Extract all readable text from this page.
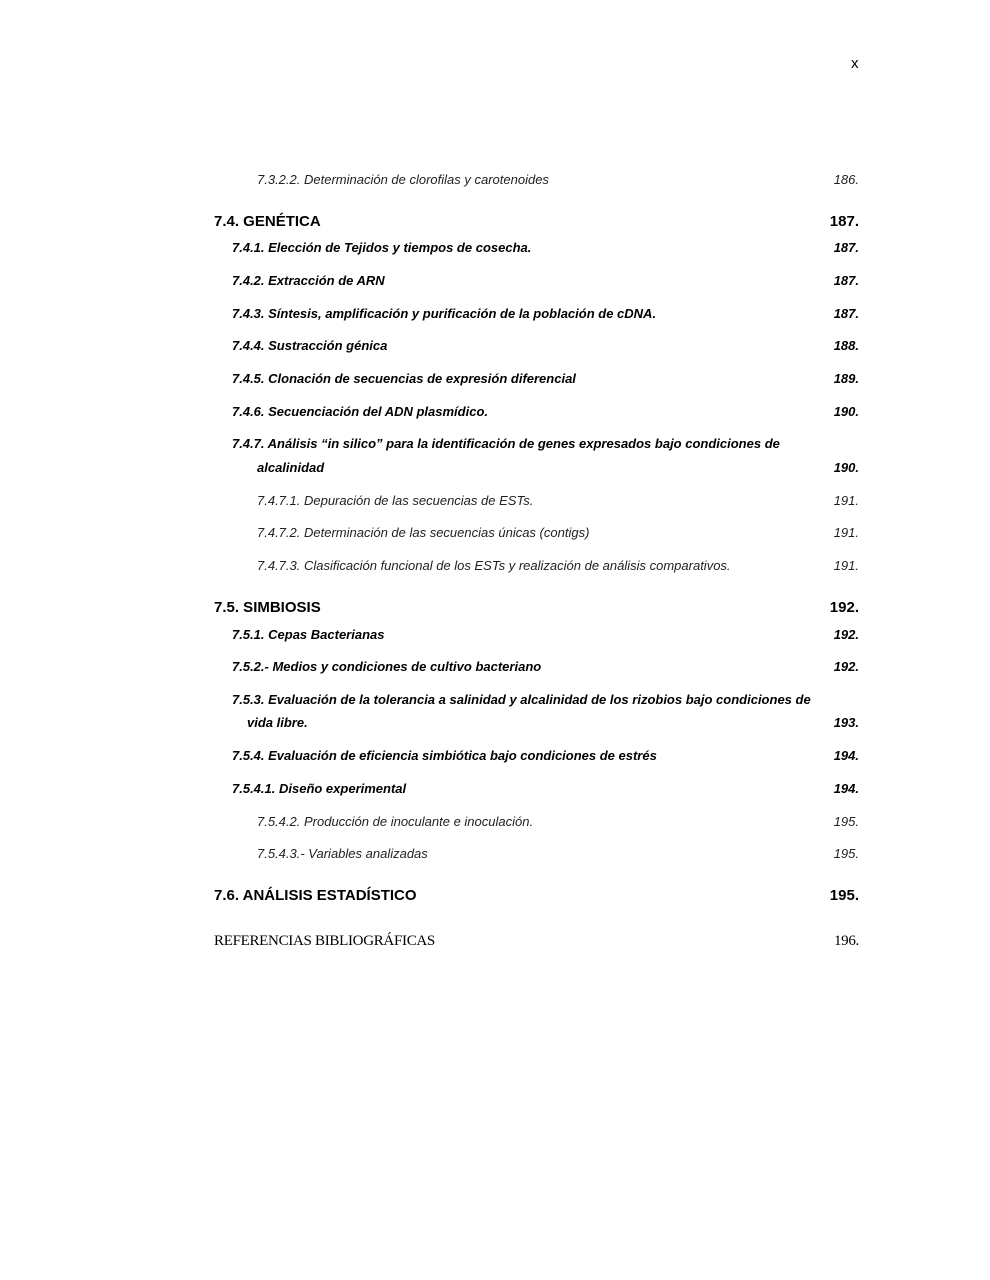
x
7.3.2.2. Determinación de clorofilas y carotenoides	186.
7.4. GENÉTICA	187.
7.4.1. Elección de Tejidos y tiempos de cosecha.	187.
7.4.2. Extracción de ARN	187.
7.4.3. Síntesis, amplificación y purificación de la población de cDNA.	187.
7.4.4. Sustracción génica	188.
7.4.5. Clonación de secuencias de expresión diferencial	189.
7.4.6. Secuenciación del ADN plasmídico.	190.
7.4.7. Análisis “in silico” para la identificación de genes expresados bajo condiciones de
alcalinidad	190.
7.4.7.1. Depuración de las secuencias de ESTs.	191.
7.4.7.2. Determinación de las secuencias únicas (contigs)	191.
7.4.7.3. Clasificación funcional de los ESTs y realización de análisis comparativos.	191.
7.5. SIMBIOSIS	192.
7.5.1. Cepas Bacterianas	192.
7.5.2.- Medios y condiciones de cultivo bacteriano	192.
7.5.3. Evaluación de la tolerancia a salinidad y alcalinidad de los rizobios bajo condiciones de
vida libre.	193.
7.5.4. Evaluación de eficiencia simbiótica bajo condiciones de estrés	194.
7.5.4.1. Diseño experimental	194.
7.5.4.2. Producción de inoculante e inoculación.	195.
7.5.4.3.- Variables analizadas	195.
7.6. ANÁLISIS ESTADÍSTICO	195.
REFERENCIAS BIBLIOGRÁFICAS	196.
